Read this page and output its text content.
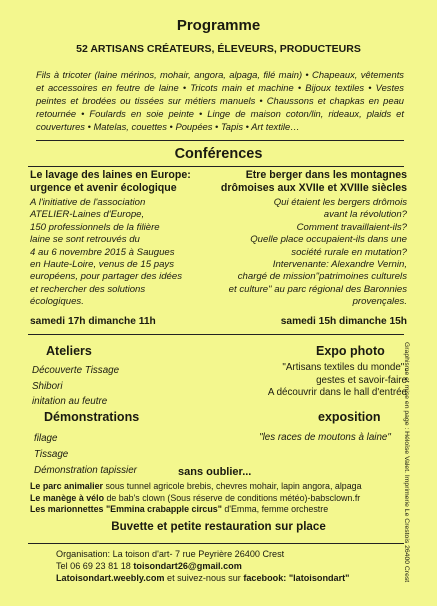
Programme
52 ARTISANS CRÉATEURS, ÉLEVEURS, PRODUCTEURS
Fils à tricoter (laine mérinos, mohair, angora, alpaga, filé main) • Chapeaux, vêtements et accessoires en feutre de laine • Tricots main et machine • Bijoux textiles • Vestes peintes et brodées ou tissées sur métiers manuels • Chaussons et chapkas en peau retournée • Foulards en soie peinte • Linge de maison coton/lin, rideaux, plaids et couvertures • Matelas, couettes • Poupées • Tapis • Art textile…
Conférences
Le lavage des laines en Europe:
urgence et avenir écologique
A l'initiative de l'association
ATELIER-Laines d'Europe,
150 professionnels de la filière
laine se sont retrouvés du
4 au 6 novembre 2015 à Saugues
en Haute-Loire, venus de 15 pays
européens, pour partager des idées
et rechercher des solutions
écologiques.
samedi 17h dimanche 11h
Etre berger dans les montagnes
drômoises aux XVIIe et XVIIIe siècles
Qui étaient les bergers drômois
avant la révolution?
Comment travaillaient-ils?
Quelle place occupaient-ils dans une
société rurale en mutation?
Intervenante: Alexandre Vernin,
chargé de mission"patrimoines culturels
et culture" au parc régional des Baronnies
provençales.
samedi 15h dimanche 15h
Ateliers
Découverte Tissage
Shibori
initation au feutre
Expo photo
"Artisans textiles du monde",
gestes et savoir-faire
A découvrir dans le hall d'entrée
Démonstrations
filage
Tissage
Démonstration tapissier
exposition
"les races de moutons à laine"
sans oublier...
Le parc animalier sous tunnel agricole brebis, chevres mohair, lapin angora, alpaga
Le manège à vélo de bab's clown (Sous réserve de conditions météo)-babsclown.fr
Les marionnettes "Emmina crabapple circus" d'Emma, femme orchestre
Buvette et petite restauration sur place
Organisation: La toison d'art- 7 rue Peyrière 26400 Crest
Tel 06 69 23 81 18 toisondart26@gmail.com
Latoisondart.weebly.com et suivez-nous sur facebook: "latoisondart"	Graphisme et mise en page : Héloïse Valet. Imprimerie Le Crestois 26400 Crest
